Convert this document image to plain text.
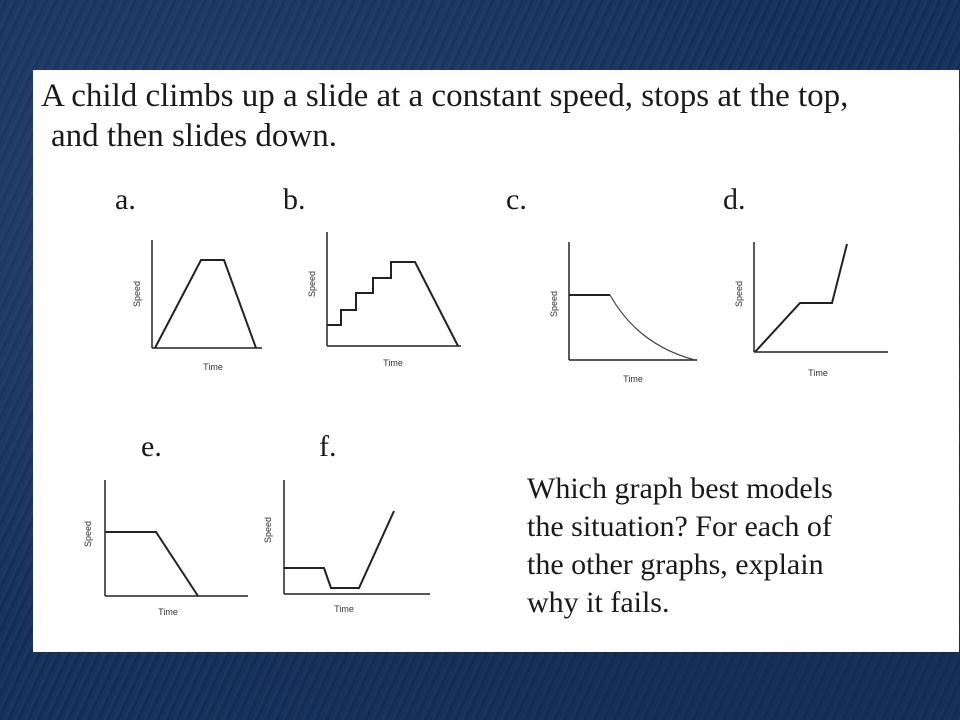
A child climbs up a slide at a constant speed, stops at the top,
and then slides down.

a.
Speed
Time
b.
Speed
Time
c.
Speed
Time
d.
Speed
Time
e.
Speed
Time
f.
Speed
Time

Which graph best models
the situation? For each of
the other graphs, explain
why it fails.
